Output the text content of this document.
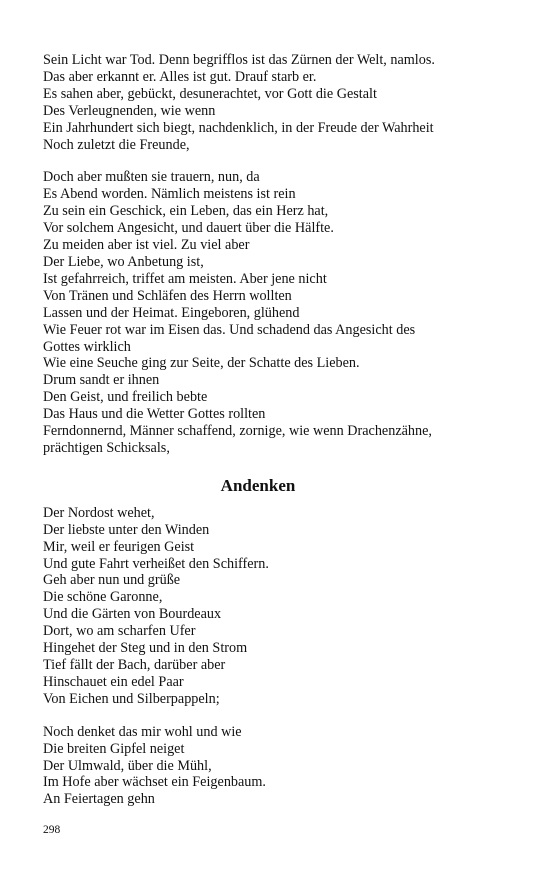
Sein Licht war Tod. Denn begrifflos ist das Zürnen der Welt, namlos.
Das aber erkannt er. Alles ist gut. Drauf starb er.
Es sahen aber, gebückt, desunerachtet, vor Gott die Gestalt
Des Verleugnenden, wie wenn
Ein Jahrhundert sich biegt, nachdenklich, in der Freude der Wahrheit
Noch zuletzt die Freunde,
Doch aber mußten sie trauern, nun, da
Es Abend worden. Nämlich meistens ist rein
Zu sein ein Geschick, ein Leben, das ein Herz hat,
Vor solchem Angesicht, und dauert über die Hälfte.
Zu meiden aber ist viel. Zu viel aber
Der Liebe, wo Anbetung ist,
Ist gefahrreich, triffet am meisten. Aber jene nicht
Von Tränen und Schläfen des Herrn wollten
Lassen und der Heimat. Eingeboren, glühend
Wie Feuer rot war im Eisen das. Und schadend das Angesicht des
Gottes wirklich
Wie eine Seuche ging zur Seite, der Schatte des Lieben.
Drum sandt er ihnen
Den Geist, und freilich bebte
Das Haus und die Wetter Gottes rollten
Ferndonnernd, Männer schaffend, zornige, wie wenn Drachenzähne,
prächtigen Schicksals,
Andenken
Der Nordost wehet,
Der liebste unter den Winden
Mir, weil er feurigen Geist
Und gute Fahrt verheißet den Schiffern.
Geh aber nun und grüße
Die schöne Garonne,
Und die Gärten von Bourdeaux
Dort, wo am scharfen Ufer
Hingehet der Steg und in den Strom
Tief fällt der Bach, darüber aber
Hinschauet ein edel Paar
Von Eichen und Silberpappeln;
Noch denket das mir wohl und wie
Die breiten Gipfel neiget
Der Ulmwald, über die Mühl,
Im Hofe aber wächset ein Feigenbaum.
An Feiertagen gehn
298
